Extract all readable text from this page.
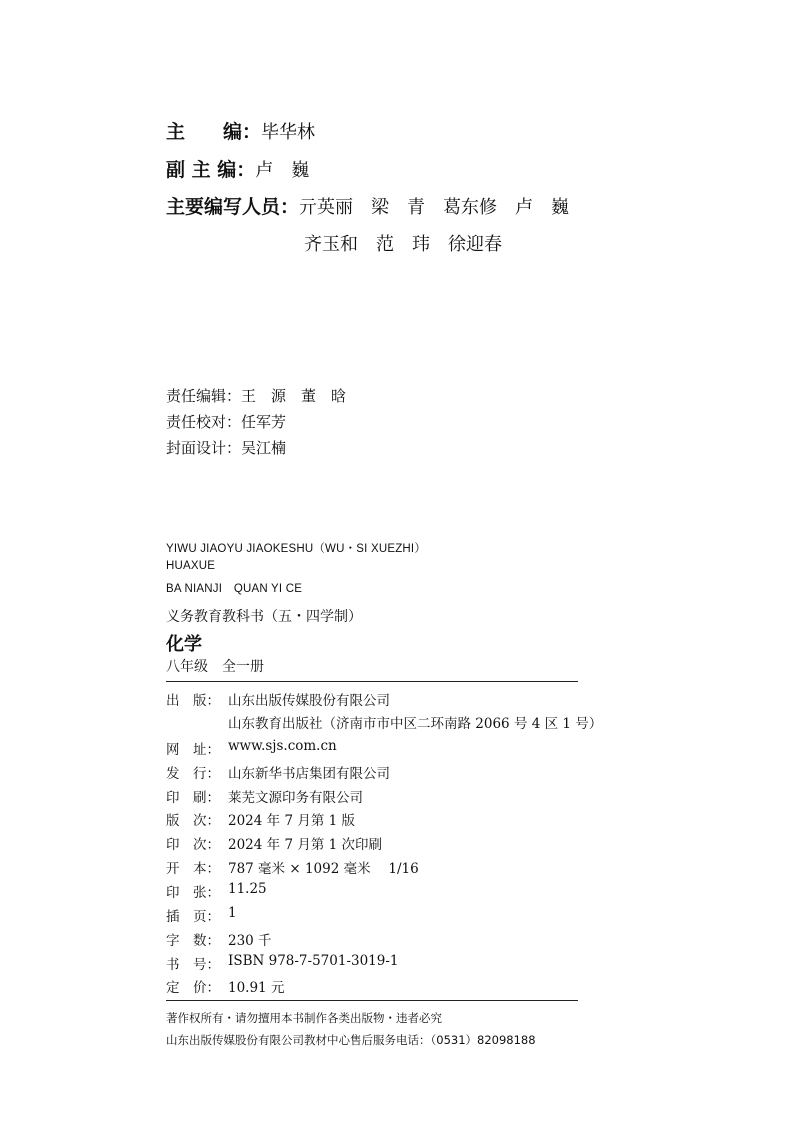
主　　编： 毕华林
副 主 编： 卢　巍
主要编写人员： 亓英丽　梁　青　葛东修　卢　巍
齐玉和　范　玮　徐迎春
责任编辑：王　源　董　晗
责任校对：任军芳
封面设计：吴江楠
YIWU JIAOYU JIAOKESHU（WU・SI XUEZHI）
HUAXUE
BA NIANJI　QUAN YI CE
义务教育教科书（五・四学制）
化学
八年级　全一册
出　版： 山东出版传媒股份有限公司
山东教育出版社（济南市市中区二环南路 2066 号 4 区 1 号）
网　址： www.sjs.com.cn
发　行： 山东新华书店集团有限公司
印　刷： 莱芜文源印务有限公司
版　次： 2024 年 7 月第 1 版
印　次： 2024 年 7 月第 1 次印刷
开　本： 787 毫米 × 1092 毫米　 1/16
印　张： 11.25
插　页： 1
字　数： 230 千
书　号： ISBN 978-7-5701-3019-1
定　价： 10.91 元
著作权所有・请勿擅用本书制作各类出版物・违者必究
山东出版传媒股份有限公司教材中心售后服务电话：（0531）82098188
